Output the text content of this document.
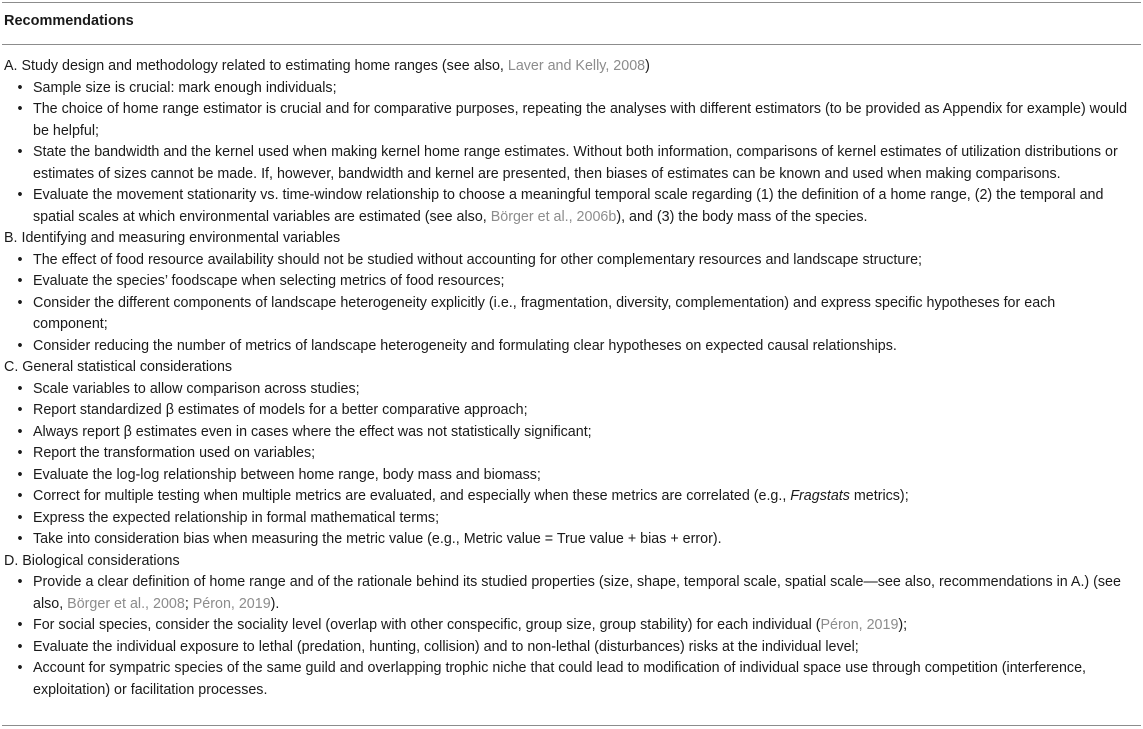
Recommendations
A. Study design and methodology related to estimating home ranges (see also, Laver and Kelly, 2008)
• Sample size is crucial: mark enough individuals;
• The choice of home range estimator is crucial and for comparative purposes, repeating the analyses with different estimators (to be provided as Appendix for example) would be helpful;
• State the bandwidth and the kernel used when making kernel home range estimates. Without both information, comparisons of kernel estimates of utilization distributions or estimates of sizes cannot be made. If, however, bandwidth and kernel are presented, then biases of estimates can be known and used when making comparisons.
• Evaluate the movement stationarity vs. time-window relationship to choose a meaningful temporal scale regarding (1) the definition of a home range, (2) the temporal and spatial scales at which environmental variables are estimated (see also, Börger et al., 2006b), and (3) the body mass of the species.
B. Identifying and measuring environmental variables
• The effect of food resource availability should not be studied without accounting for other complementary resources and landscape structure;
• Evaluate the species’ foodscape when selecting metrics of food resources;
• Consider the different components of landscape heterogeneity explicitly (i.e., fragmentation, diversity, complementation) and express specific hypotheses for each component;
• Consider reducing the number of metrics of landscape heterogeneity and formulating clear hypotheses on expected causal relationships.
C. General statistical considerations
• Scale variables to allow comparison across studies;
• Report standardized β estimates of models for a better comparative approach;
• Always report β estimates even in cases where the effect was not statistically significant;
• Report the transformation used on variables;
• Evaluate the log-log relationship between home range, body mass and biomass;
• Correct for multiple testing when multiple metrics are evaluated, and especially when these metrics are correlated (e.g., Fragstats metrics);
• Express the expected relationship in formal mathematical terms;
• Take into consideration bias when measuring the metric value (e.g., Metric value = True value + bias + error).
D. Biological considerations
• Provide a clear definition of home range and of the rationale behind its studied properties (size, shape, temporal scale, spatial scale—see also, recommendations in A.) (see also, Börger et al., 2008; Péron, 2019).
• For social species, consider the sociality level (overlap with other conspecific, group size, group stability) for each individual (Péron, 2019);
• Evaluate the individual exposure to lethal (predation, hunting, collision) and to non-lethal (disturbances) risks at the individual level;
• Account for sympatric species of the same guild and overlapping trophic niche that could lead to modification of individual space use through competition (interference, exploitation) or facilitation processes.
